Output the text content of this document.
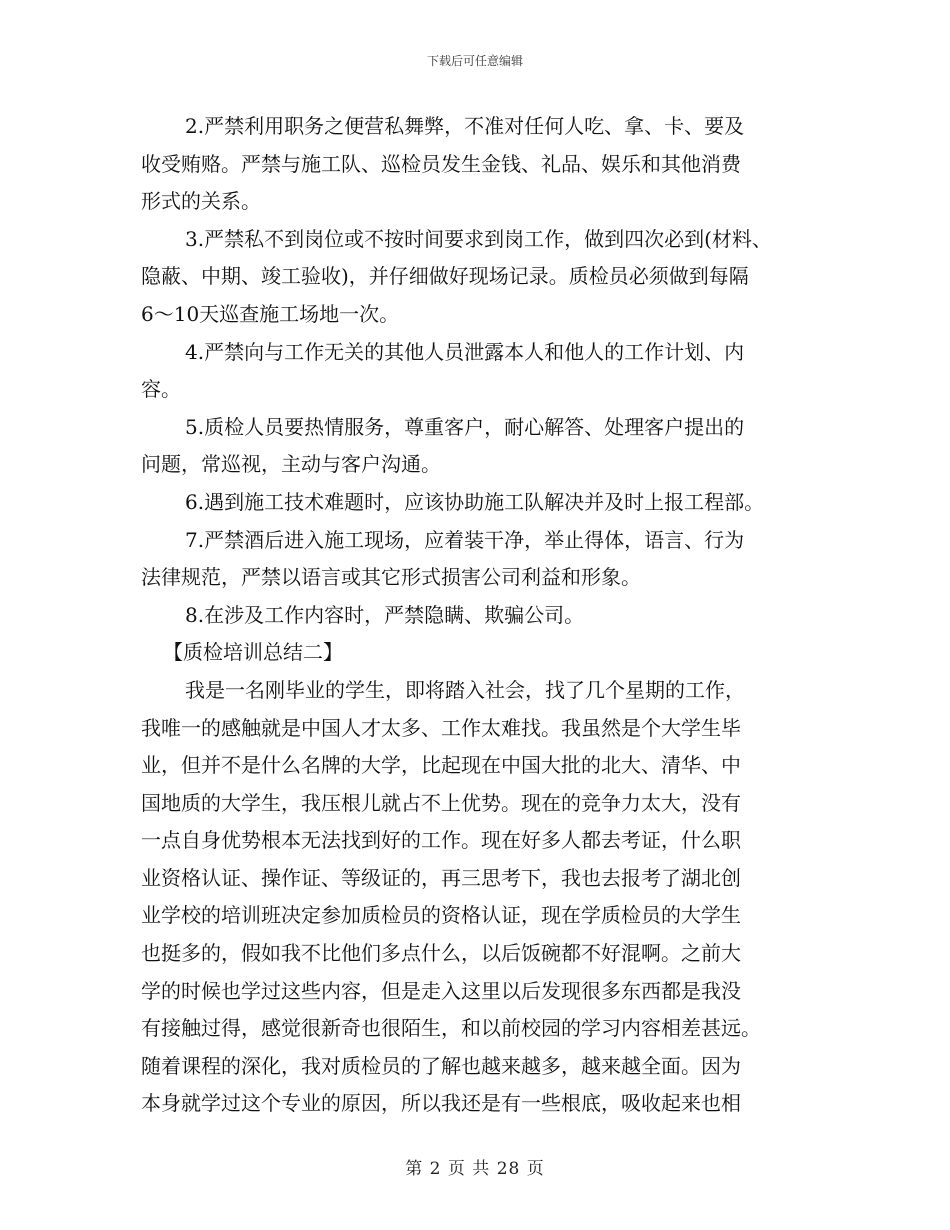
下载后可任意编辑
2.严禁利用职务之便营私舞弊，不准对任何人吃、拿、卡、要及
收受贿赂。严禁与施工队、巡检员发生金钱、礼品、娱乐和其他消费
形式的关系。
3.严禁私不到岗位或不按时间要求到岗工作，做到四次必到(材料、
隐蔽、中期、竣工验收)，并仔细做好现场记录。质检员必须做到每隔
6～10天巡查施工场地一次。
4.严禁向与工作无关的其他人员泄露本人和他人的工作计划、内
容。
5.质检人员要热情服务，尊重客户，耐心解答、处理客户提出的
问题，常巡视，主动与客户沟通。
6.遇到施工技术难题时，应该协助施工队解决并及时上报工程部。
7.严禁酒后进入施工现场，应着装干净，举止得体，语言、行为
法律规范，严禁以语言或其它形式损害公司利益和形象。
8.在涉及工作内容时，严禁隐瞒、欺骗公司。
【质检培训总结二】
我是一名刚毕业的学生，即将踏入社会，找了几个星期的工作，
我唯一的感触就是中国人才太多、工作太难找。我虽然是个大学生毕
业，但并不是什么名牌的大学，比起现在中国大批的北大、清华、中
国地质的大学生，我压根儿就占不上优势。现在的竞争力太大，没有
一点自身优势根本无法找到好的工作。现在好多人都去考证，什么职
业资格认证、操作证、等级证的，再三思考下，我也去报考了湖北创
业学校的培训班决定参加质检员的资格认证，现在学质检员的大学生
也挺多的，假如我不比他们多点什么，以后饭碗都不好混啊。之前大
学的时候也学过这些内容，但是走入这里以后发现很多东西都是我没
有接触过得，感觉很新奇也很陌生，和以前校园的学习内容相差甚远。
随着课程的深化，我对质检员的了解也越来越多，越来越全面。因为
本身就学过这个专业的原因，所以我还是有一些根底，吸收起来也相
第 2 页 共 28 页
